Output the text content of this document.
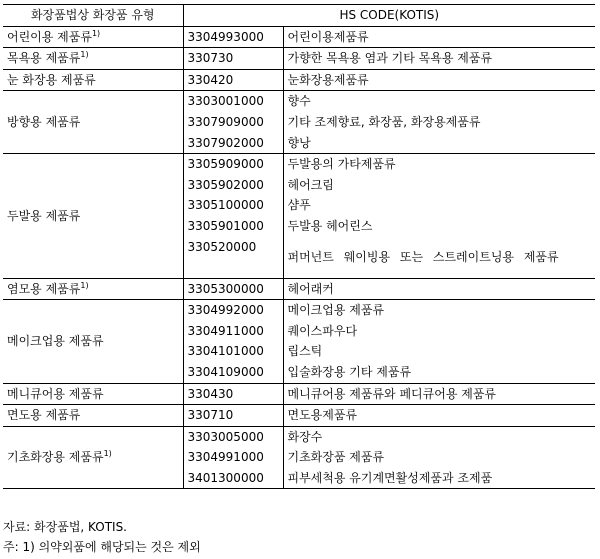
화장품법상 화장품 유형	HS CODE(KOTIS)	
어린이용 제품류$^{1)}$	3304993000	어린이용제품류
목욕용 제품류$^{1)}$	330730	가향한 목욕용 염과 기타 목욕용 제품류
눈 화장용 제품류	330420	눈화장용제품류
방향용 제품류	3303001000	향수
	3307909000	기타 조제향료, 화장품, 화장용제품류
	3307902000	향낭
두발용 제품류	3305909000	두발용의 가타제품류
	3305902000	헤어크림
	3305100000	샴푸
	3305901000	두발용 헤어린스
	330520000	퍼머넌트 웨이빙용 또는 스트레이트닝용 제품류
염모용 제품류$^{1)}$	3305300000	헤어래커
메이크업용 제품류	3304992000	메이크업용 제품류
	3304911000	퀘이스파우다
	3304101000	립스틱
	3304109000	입술화장용 기타 제품류
메니큐어용 제품류	330430	메니큐어용 제품류와 페디큐어용 제품류
면도용 제품류	330710	면도용제품류
기초화장용 제품류$^{1)}$	3303005000	화장수
	3304991000	기초화장품 제품류
	3401300000	피부세척용 유기계면활성제품과 조제품
자료: 화장품법, KOTIS.
주: 1) 의약외품에 해당되는 것은 제외
